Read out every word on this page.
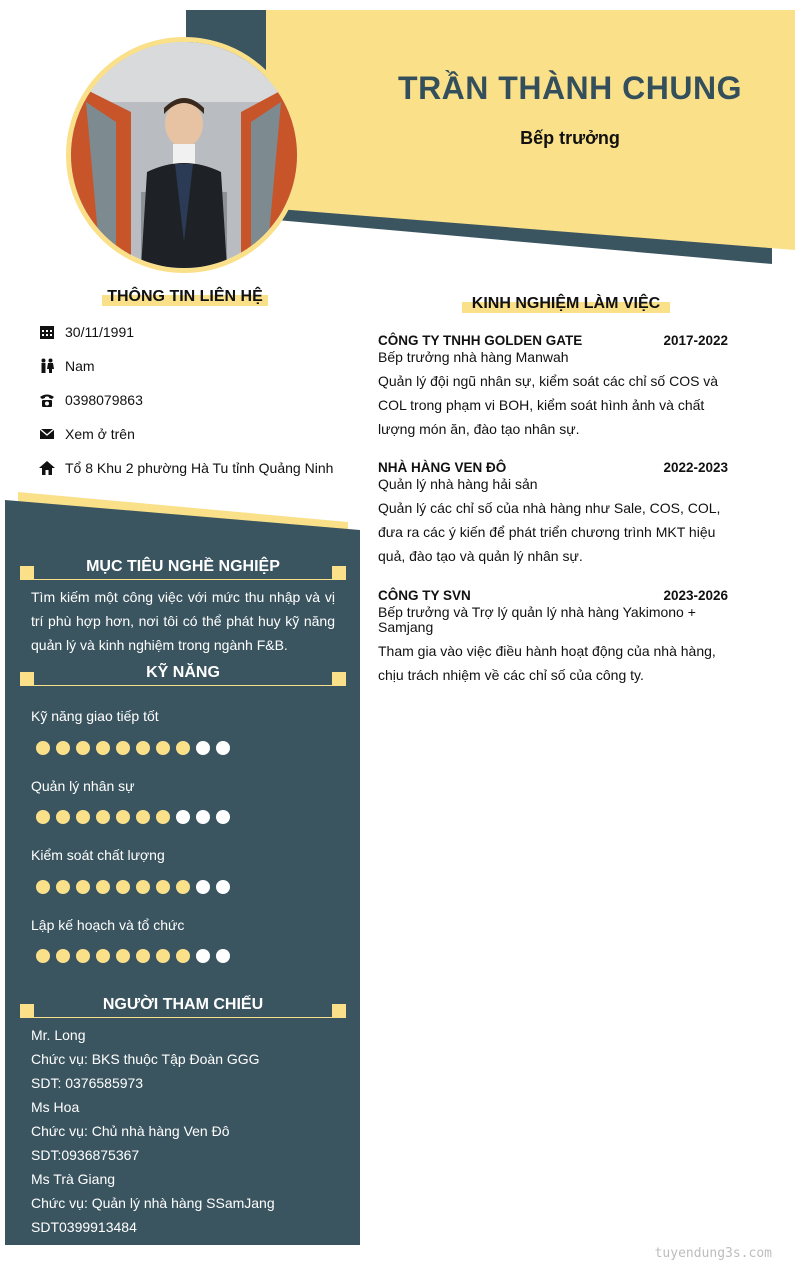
TRẦN THÀNH CHUNG
Bếp trưởng
THÔNG TIN LIÊN HỆ
30/11/1991
Nam
0398079863
Xem ở trên
Tổ 8 Khu 2 phường Hà Tu tỉnh Quảng Ninh
KINH NGHIỆM LÀM VIỆC
CÔNG TY TNHH GOLDEN GATE	2017-2022
Bếp trưởng nhà hàng Manwah
Quản lý đội ngũ nhân sự, kiểm soát các chỉ số COS và COL trong phạm vi BOH, kiểm soát hình ảnh và chất lượng món ăn, đào tạo nhân sự.
NHÀ HÀNG VEN ĐÔ	2022-2023
Quản lý nhà hàng hải sản
Quản lý các chỉ số của nhà hàng như Sale, COS, COL, đưa ra các ý kiến để phát triển chương trình MKT hiệu quả, đào tạo và quản lý nhân sự.
CÔNG TY SVN	2023-2026
Bếp trưởng và Trợ lý quản lý nhà hàng Yakimono + Samjang
Tham gia vào việc điều hành hoạt động của nhà hàng, chịu trách nhiệm về các chỉ số của công ty.
MỤC TIÊU NGHỀ NGHIỆP
Tìm kiếm một công việc với mức thu nhập và vị trí phù hợp hơn, nơi tôi có thể phát huy kỹ năng quản lý và kinh nghiệm trong ngành F&B.
KỸ NĂNG
Kỹ năng giao tiếp tốt
Quản lý nhân sự
Kiểm soát chất lượng
Lập kế hoạch và tổ chức
NGƯỜI THAM CHIẾU
Mr. Long
Chức vụ: BKS thuộc Tập Đoàn GGG
SDT: 0376585973
Ms Hoa
Chức vụ: Chủ nhà hàng Ven Đô
SDT:0936875367
Ms Trà Giang
Chức vụ: Quản lý nhà hàng SSamJang
SDT0399913484
tuyendung3s.com
